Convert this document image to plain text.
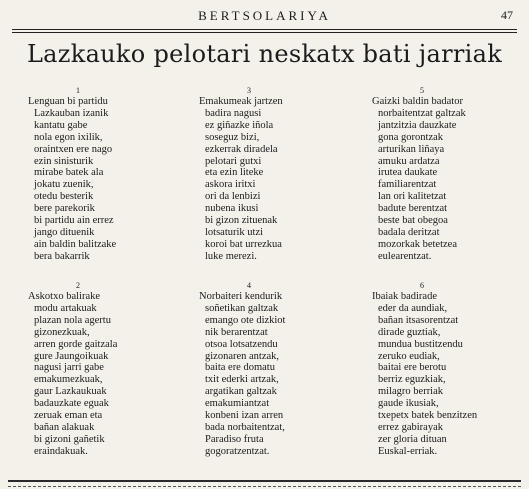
BERTSOLARIYA	47
Lazkauko pelotari neskatx bati jarriak
1
Lenguan bi partidu
Lazkauban izanik
kantatu gabe
nola egon ixilik,
oraintxen ere nago
ezin sinisturik
mirabe batek ala
jokatu zuenik,
otedu besterik
bere parekorik
bi partidu ain errez
jango dituenik
ain baldin balitzake
bera bakarrik
2
Askotxo balirake
modu artakuak
plazan nola agertu
gizonezkuak,
arren gorde gaitzala
gure Jaungoikuak
nagusi jarri gabe
emakumezkuak,
gaur Lazkaukuak
badauzkate eguak
zeruak eman eta
bañan alakuak
bi gizoni gañetik
eraindakuak.
3
Emakumeak jartzen
badira nagusi
ez giñazke iñola
soseguz bizi,
ezkerrak diradela
pelotari gutxi
eta ezin liteke
askora iritxi
ori da lenbizi
nubena ikusi
bi gizon zituenak
lotsaturik utzi
koroi bat urrezkua
luke merezi.
4
Norbaiteri kendurik
soñetikan galtzak
emango ote dizkiot
nik berarentzat
otsoa lotsatzendu
gizonaren antzak,
baita ere domatu
txit ederki artzak,
argatikan galtzak
emakumiantzat
konbeni izan arren
bada norbaitentzat,
Paradiso fruta
gogoratzentzat.
5
Gaizki baldin badator
norbaitentzat galtzak
jantzitzia dauzkate
gona gorontzak
arturikan liñaya
amuku ardatza
irutea daukate
familiarentzat
lan ori kalitetzat
badute berentzat
beste bat obegoa
badala deritzat
mozorkak betetzea
eulearentzat.
6
Ibaiak badirade
eder da aundiak,
bañan itsasorentzat
dirade guztiak,
mundua bustitzendu
zeruko eudiak,
baitai ere berotu
berriz eguzkiak,
milagro berriak
gaude ikusiak,
txepetx batek benzitzen
errez gabirayak
zer gloria dituan
Euskal-erriak.
